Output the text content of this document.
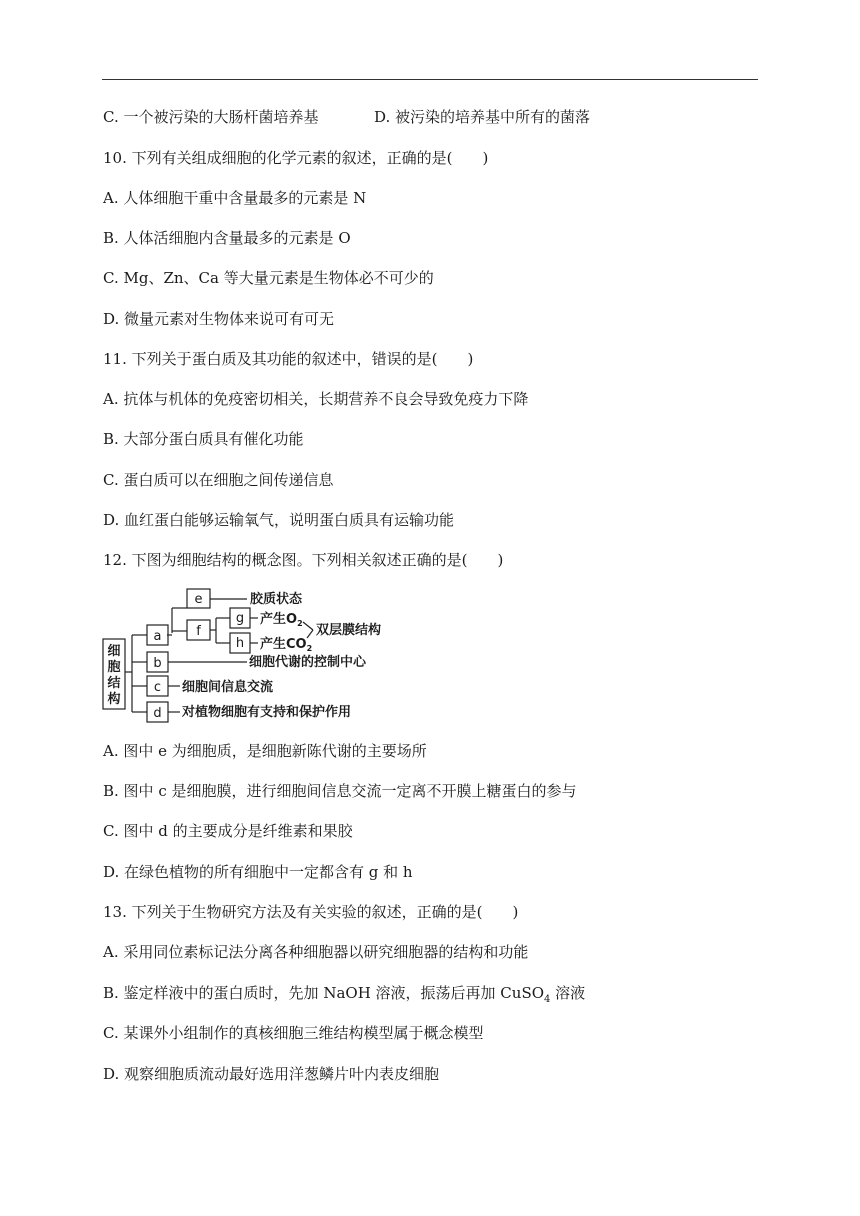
C. 一个被污染的大肠杆菌培养基	D. 被污染的培养基中所有的菌落
10. 下列有关组成细胞的化学元素的叙述，正确的是(　　)
A. 人体细胞干重中含量最多的元素是 N
B. 人体活细胞内含量最多的元素是 O
C. Mg、Zn、Ca 等大量元素是生物体必不可少的
D. 微量元素对生物体来说可有可无
11. 下列关于蛋白质及其功能的叙述中，错误的是(　　)
A. 抗体与机体的免疫密切相关，长期营养不良会导致免疫力下降
B. 大部分蛋白质具有催化功能
C. 蛋白质可以在细胞之间传递信息
D. 血红蛋白能够运输氧气，说明蛋白质具有运输功能
12. 下图为细胞结构的概念图。下列相关叙述正确的是(　　)
细
胞
结
构
a
b
c
d
e
f
g
h
胶质状态
产生$O_2$
产生$CO_2$
双层膜结构
细胞代谢的控制中心
细胞间信息交流
对植物细胞有支持和保护作用
A. 图中 e 为细胞质，是细胞新陈代谢的主要场所
B. 图中 c 是细胞膜，进行细胞间信息交流一定离不开膜上糖蛋白的参与
C. 图中 d 的主要成分是纤维素和果胶
D. 在绿色植物的所有细胞中一定都含有 g 和 h
13. 下列关于生物研究方法及有关实验的叙述，正确的是(　　)
A. 采用同位素标记法分离各种细胞器以研究细胞器的结构和功能
B. 鉴定样液中的蛋白质时，先加 NaOH 溶液，振荡后再加 CuSO$_4$ 溶液
C. 某课外小组制作的真核细胞三维结构模型属于概念模型
D. 观察细胞质流动最好选用洋葱鳞片叶内表皮细胞
